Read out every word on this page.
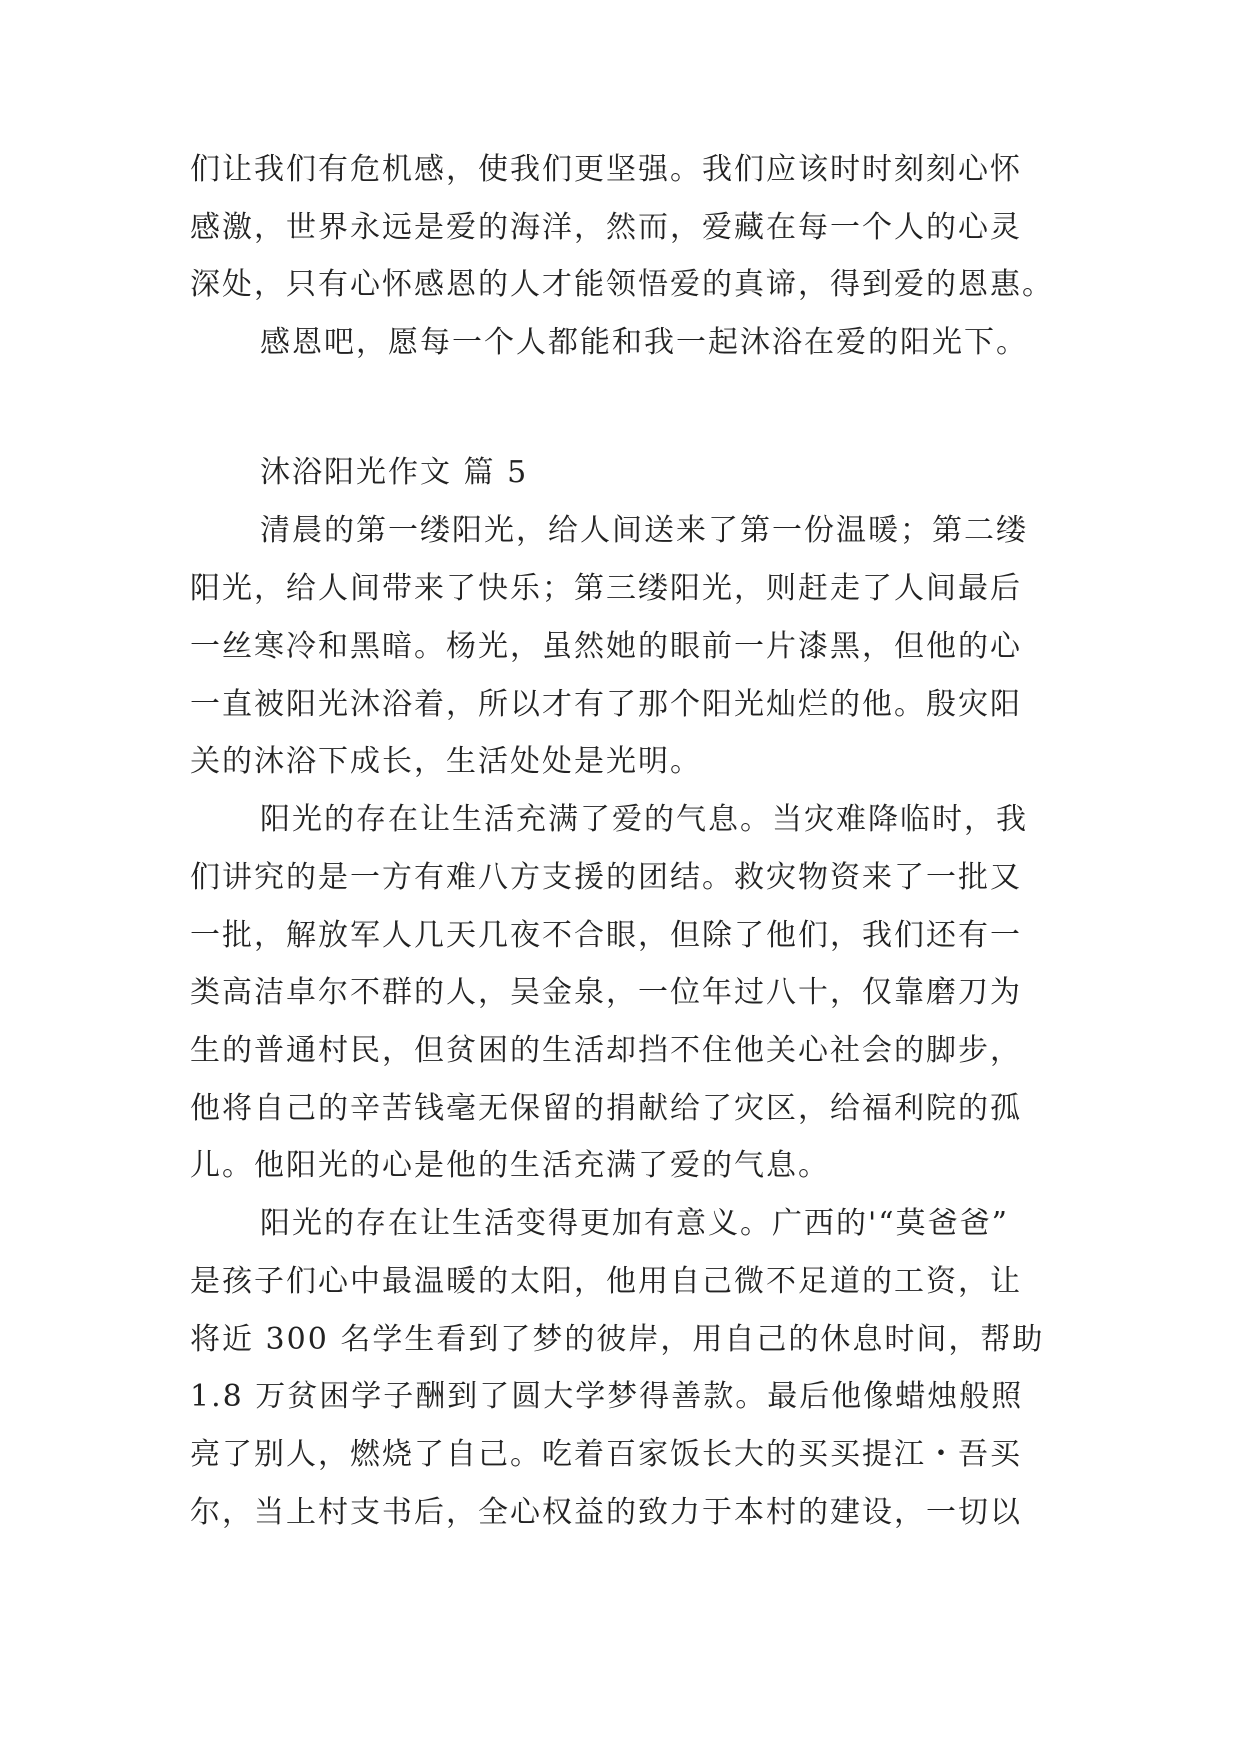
们让我们有危机感，使我们更坚强。我们应该时时刻刻心怀
感激，世界永远是爱的海洋，然而，爱藏在每一个人的心灵
深处，只有心怀感恩的人才能领悟爱的真谛，得到爱的恩惠。
感恩吧，愿每一个人都能和我一起沐浴在爱的阳光下。
沐浴阳光作文 篇 5
清晨的第一缕阳光，给人间送来了第一份温暖；第二缕
阳光，给人间带来了快乐；第三缕阳光，则赶走了人间最后
一丝寒冷和黑暗。杨光，虽然她的眼前一片漆黑，但他的心
一直被阳光沐浴着，所以才有了那个阳光灿烂的他。殷灾阳
关的沐浴下成长，生活处处是光明。
阳光的存在让生活充满了爱的气息。当灾难降临时，我
们讲究的是一方有难八方支援的团结。救灾物资来了一批又
一批，解放军人几天几夜不合眼，但除了他们，我们还有一
类高洁卓尔不群的人，吴金泉，一位年过八十，仅靠磨刀为
生的普通村民，但贫困的生活却挡不住他关心社会的脚步，
他将自己的辛苦钱毫无保留的捐献给了灾区，给福利院的孤
儿。他阳光的心是他的生活充满了爱的气息。
阳光的存在让生活变得更加有意义。广西的'“莫爸爸”
是孩子们心中最温暖的太阳，他用自己微不足道的工资，让
将近 300 名学生看到了梦的彼岸，用自己的休息时间，帮助
1.8 万贫困学子酬到了圆大学梦得善款。最后他像蜡烛般照
亮了别人，燃烧了自己。吃着百家饭长大的买买提江・吾买
尔，当上村支书后，全心权益的致力于本村的建设，一切以
